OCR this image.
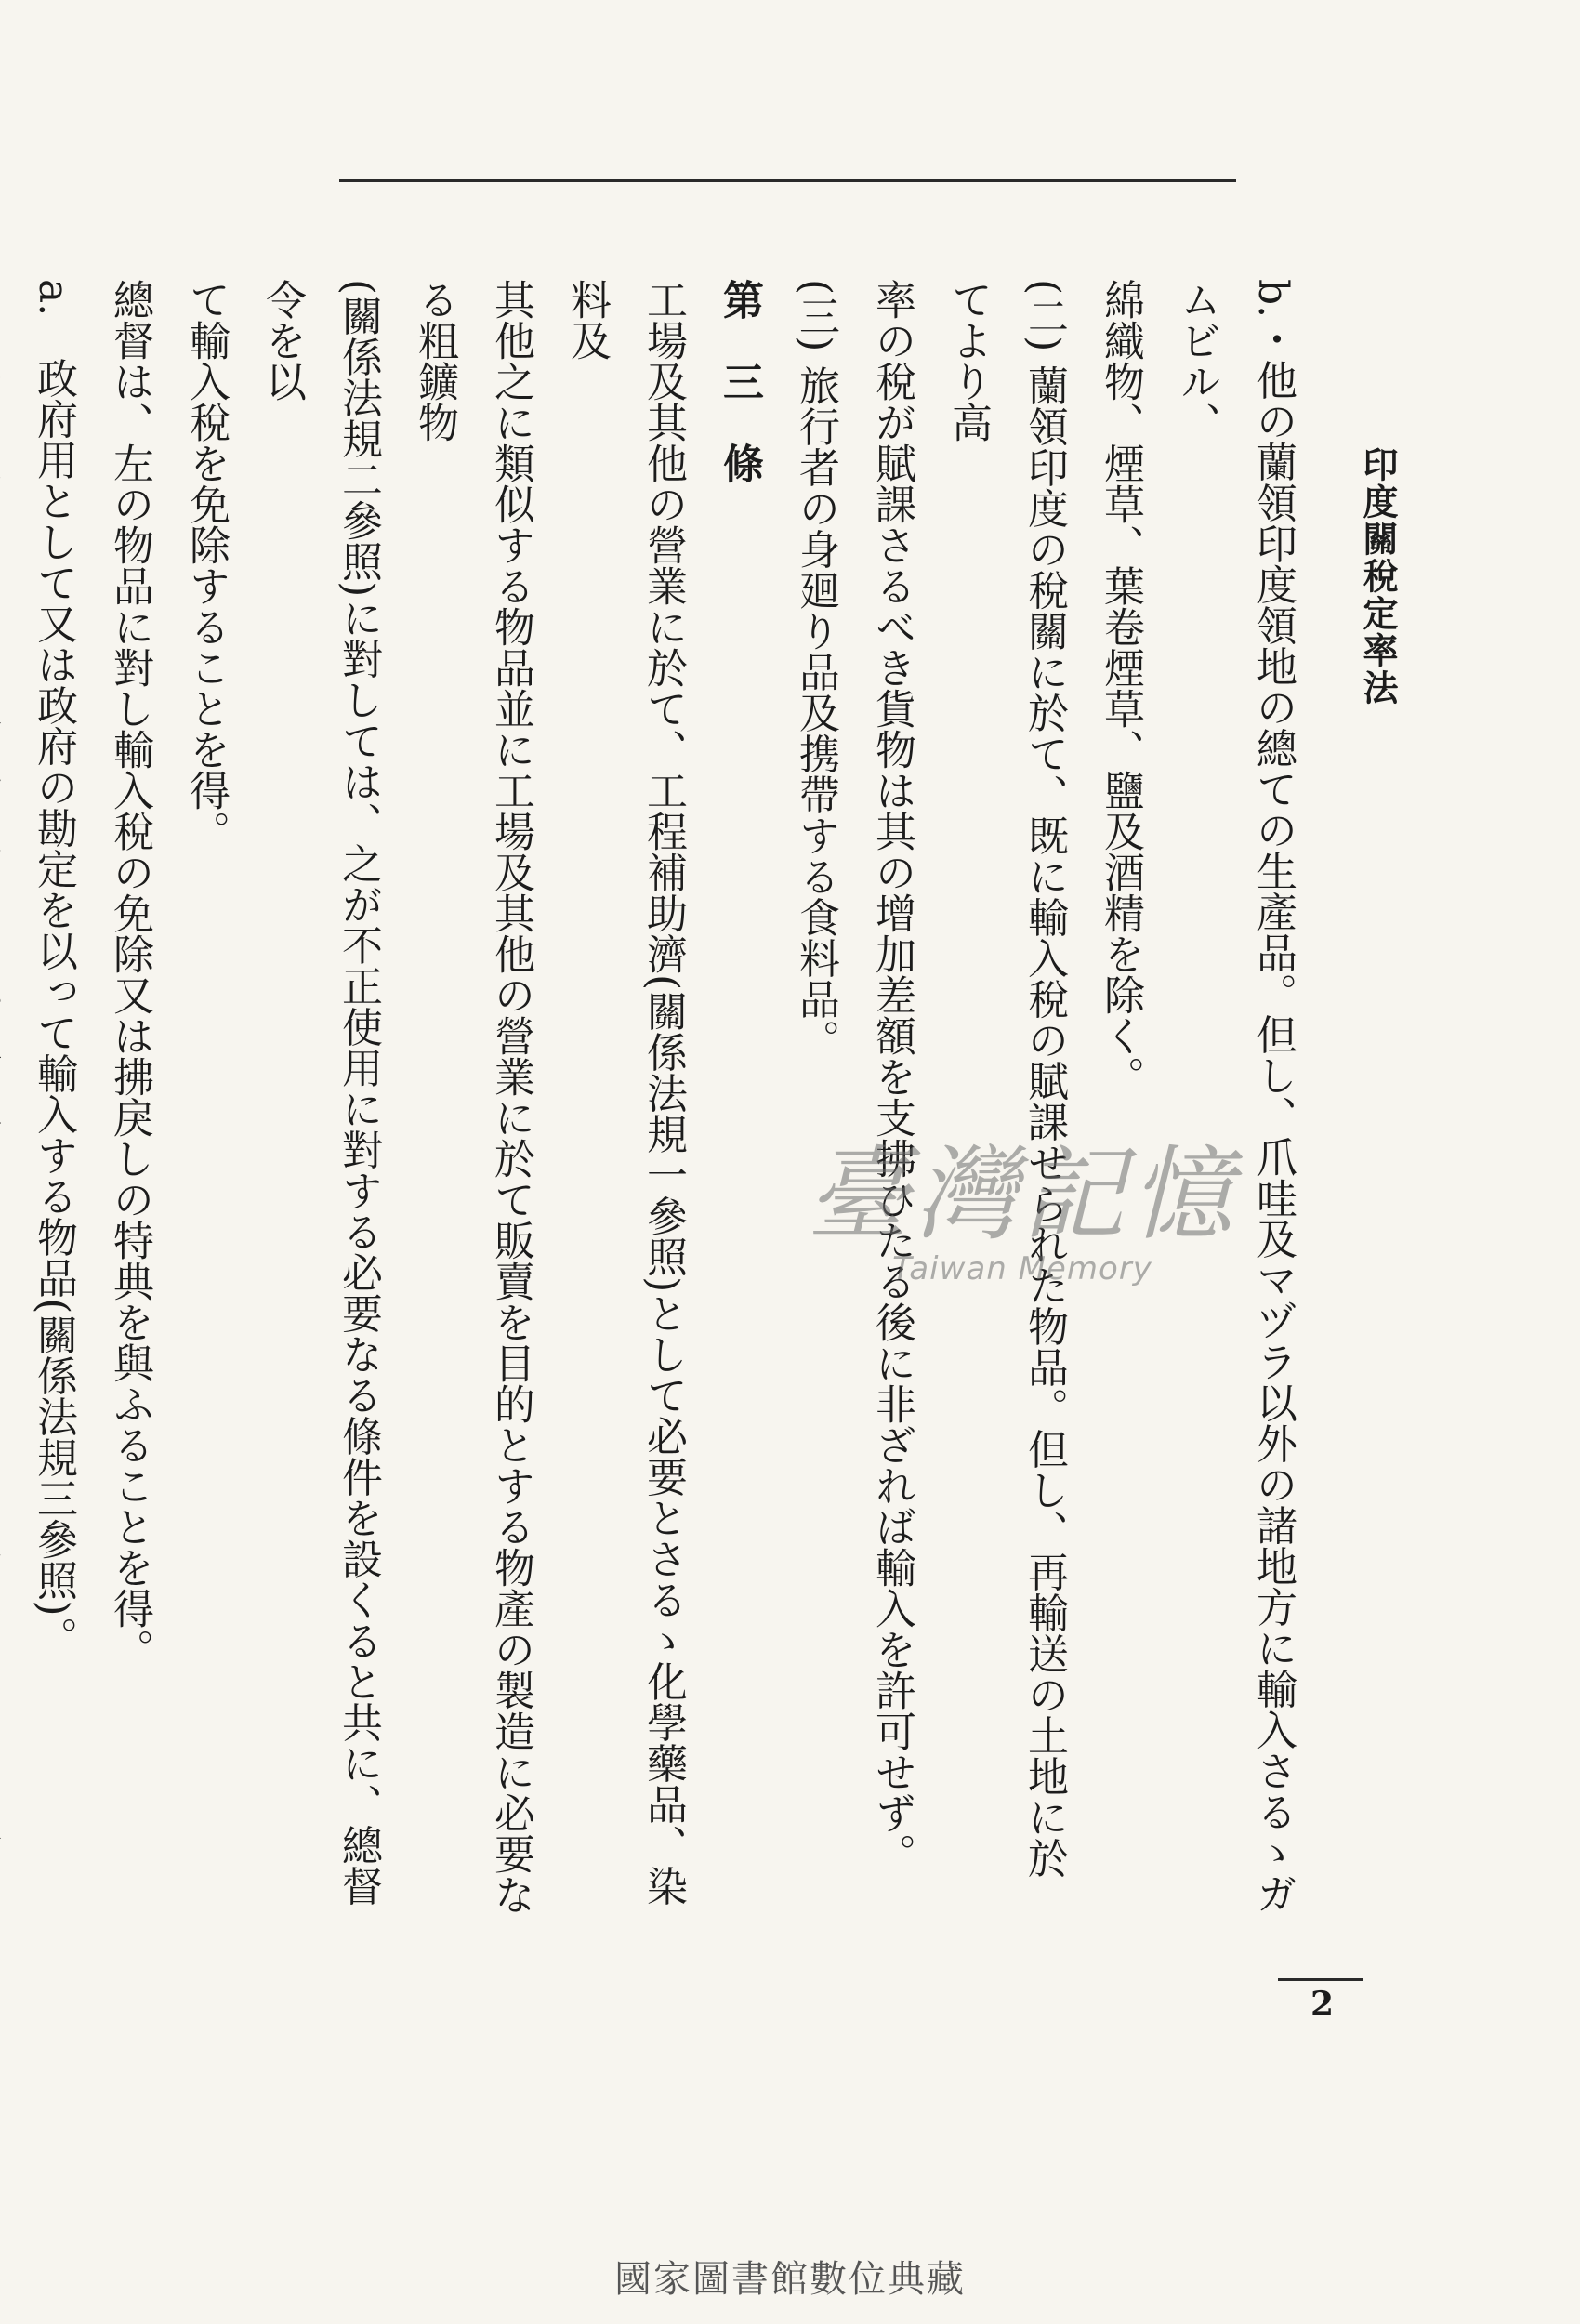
印度關稅定率法

b.・他の蘭領印度領地の總ての生產品。但し、爪哇及マヅラ以外の諸地方に輸入さるゝガムビル、

綿織物、煙草、葉卷煙草、鹽及酒精を除く。

(二) 蘭領印度の稅關に於て、既に輸入稅の賦課せられた物品。但し、再輸送の土地に於てより高

率の稅が賦課さるべき貨物は其の增加差額を支拂ひたる後に非ざれば輸入を許可せず。

(三) 旅行者の身廻り品及携帶する食料品。

第　三　條

工場及其他の營業に於て、工程補助濟(關係法規一參照)として必要とさるゝ化學藥品、染料及

其他之に類似する物品並に工場及其他の營業に於て販賣を目的とする物產の製造に必要なる粗鑛物

(關係法規二參照)に對しては、之が不正使用に對する必要なる條件を設くると共に、總督令を以

て輸入稅を免除することを得。

總督は、左の物品に對し輸入稅の免除又は拂戾しの特典を與ふることを得。

a.　政府用として又は政府の勘定を以って輸入する物品(關係法規三參照)。	臺灣記憶
Taiwan Memory
2
國家圖書館數位典藏
